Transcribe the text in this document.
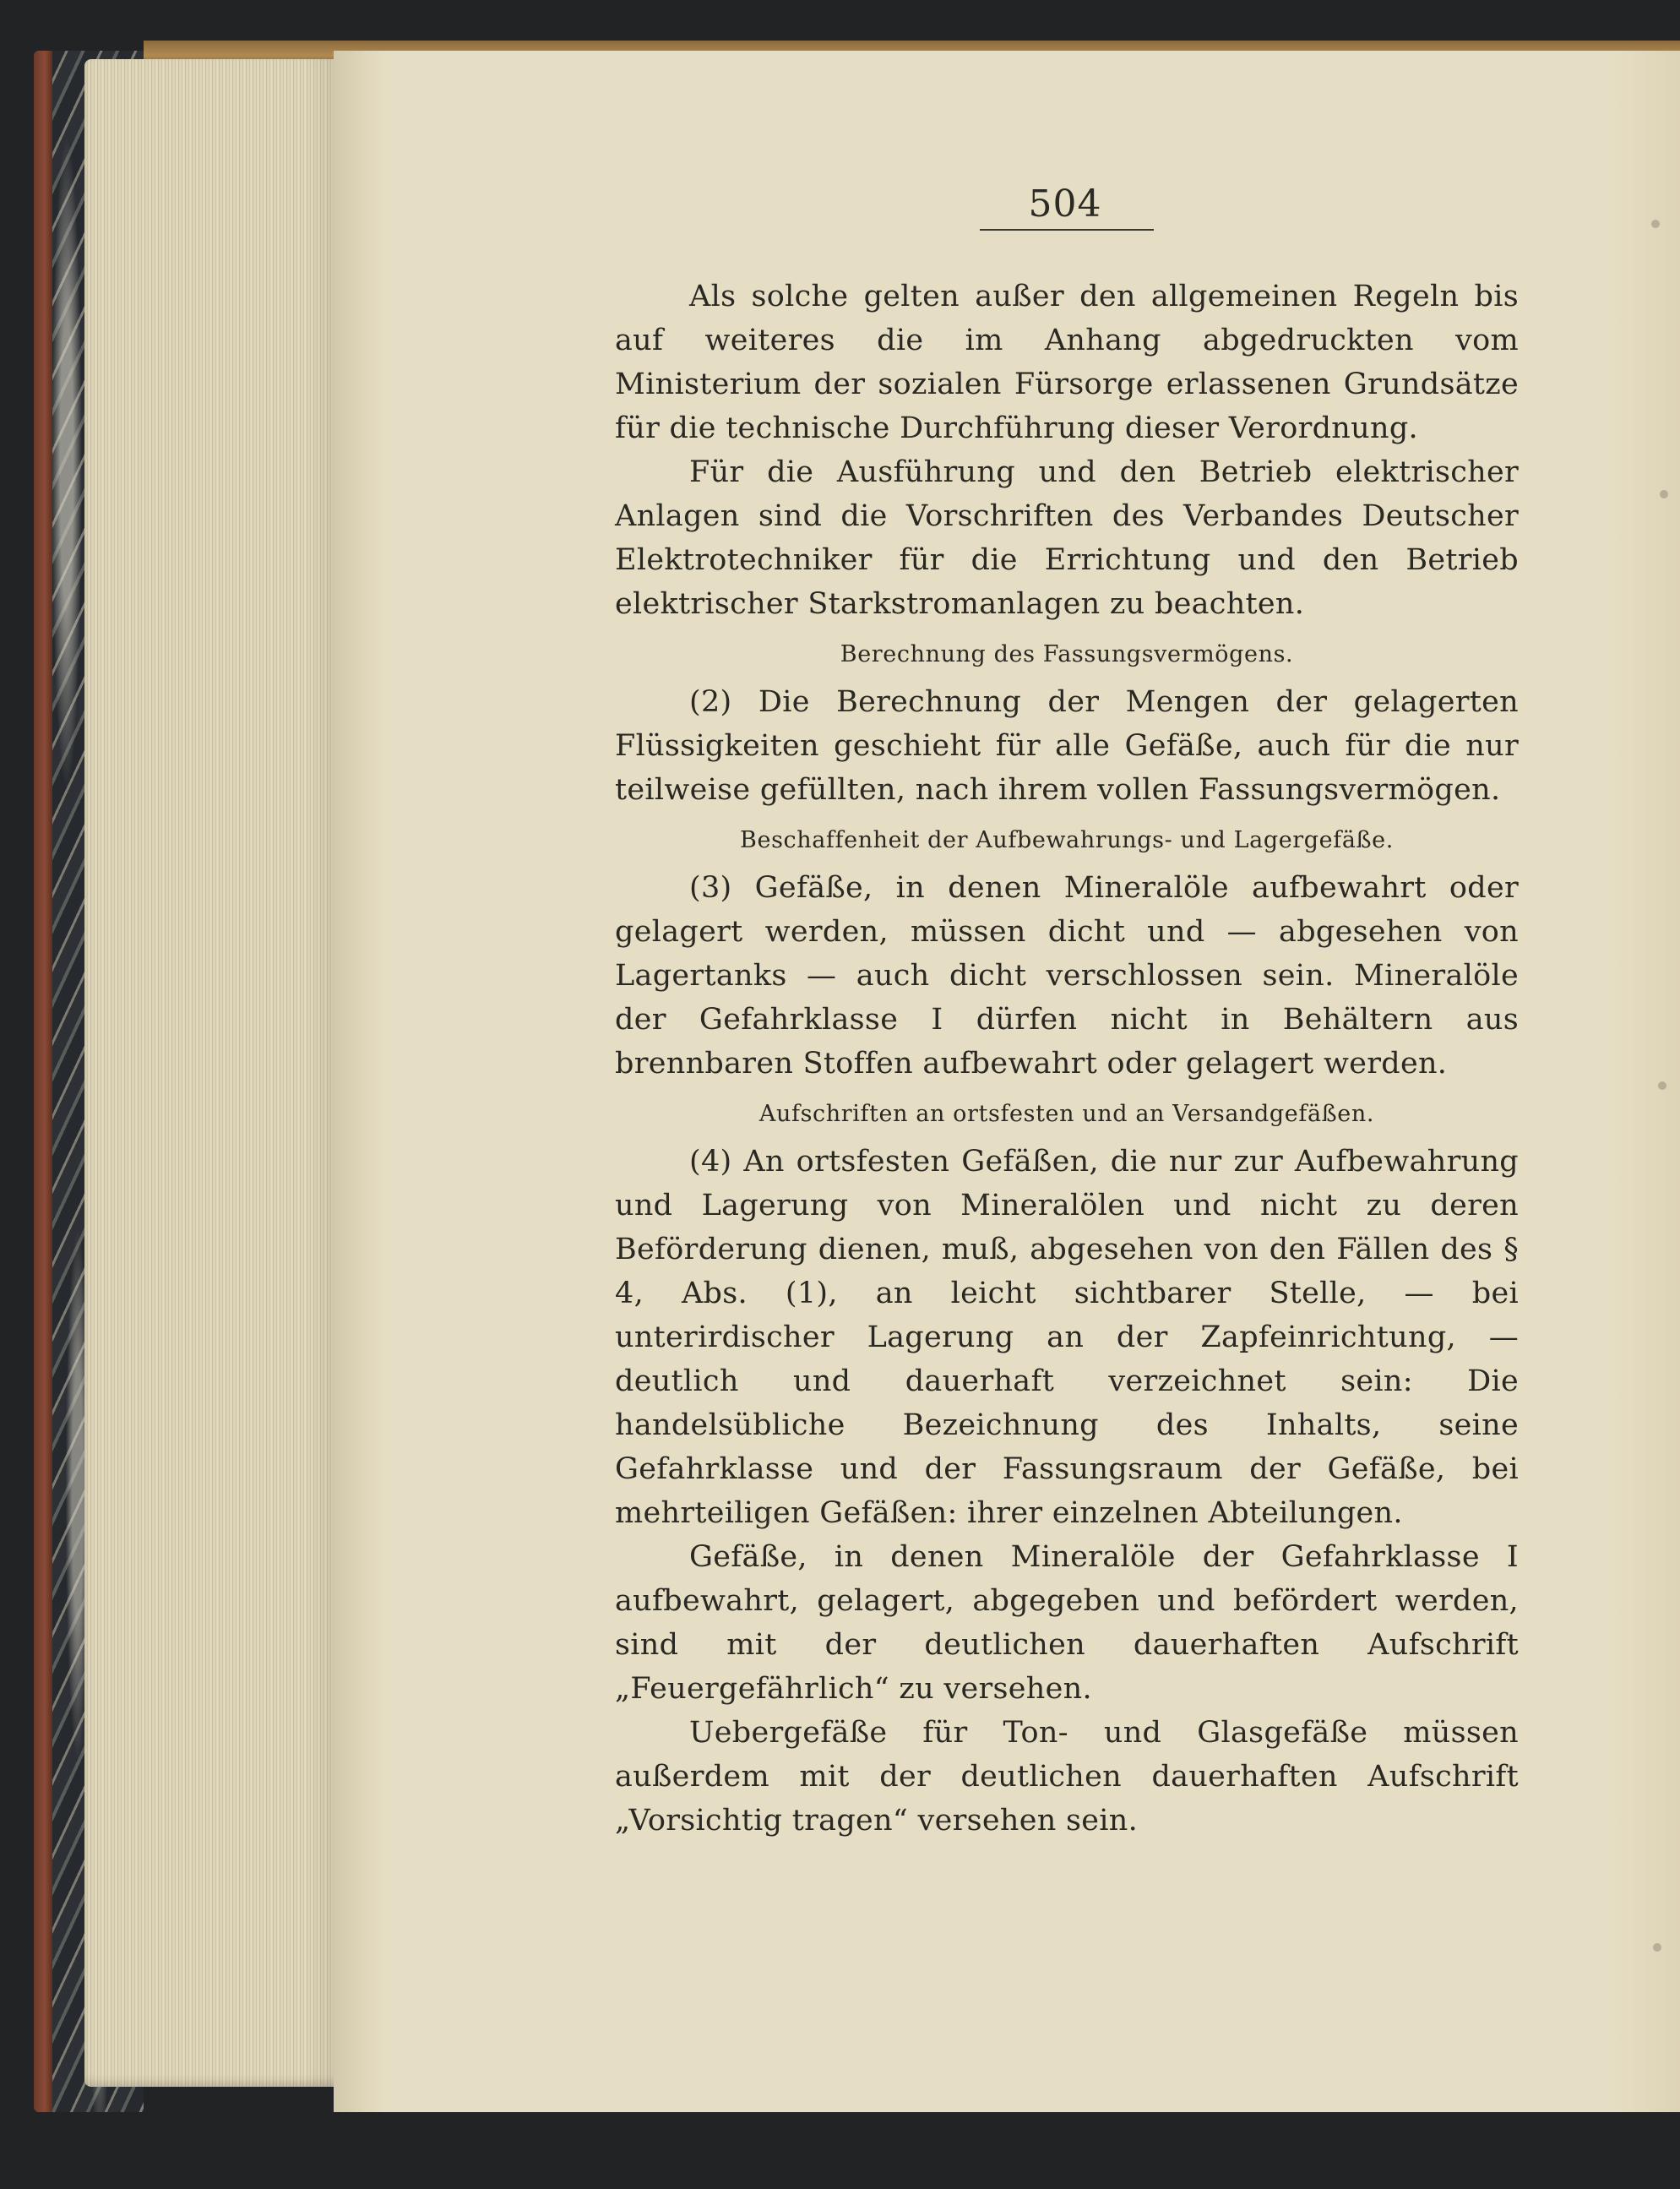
504

Als solche gelten außer den allgemeinen Regeln bis auf weiteres die im Anhang abgedruckten vom Ministerium der sozialen Fürsorge erlassenen Grundsätze für die technische Durchführung dieser Verordnung.

Für die Ausführung und den Betrieb elektrischer Anlagen sind die Vorschriften des Verbandes Deutscher Elektrotechniker für die Errichtung und den Betrieb elektrischer Starkstromanlagen zu beachten.

Berechnung des Fassungsvermögens.

(2) Die Berechnung der Mengen der gelagerten Flüssigkeiten geschieht für alle Gefäße, auch für die nur teilweise gefüllten, nach ihrem vollen Fassungsvermögen.

Beschaffenheit der Aufbewahrungs- und Lagergefäße.

(3) Gefäße, in denen Mineralöle aufbewahrt oder gelagert werden, müssen dicht und — abgesehen von Lagertanks — auch dicht verschlossen sein. Mineralöle der Gefahrklasse I dürfen nicht in Behältern aus brennbaren Stoffen aufbewahrt oder gelagert werden.

Aufschriften an ortsfesten und an Versandgefäßen.

(4) An ortsfesten Gefäßen, die nur zur Aufbewahrung und Lagerung von Mineralölen und nicht zu deren Beförderung dienen, muß, abgesehen von den Fällen des § 4, Abs. (1), an leicht sichtbarer Stelle, — bei unterirdischer Lagerung an der Zapfeinrichtung, — deutlich und dauerhaft verzeichnet sein: Die handelsübliche Bezeichnung des Inhalts, seine Gefahrklasse und der Fassungsraum der Gefäße, bei mehrteiligen Gefäßen: ihrer einzelnen Abteilungen.

Gefäße, in denen Mineralöle der Gefahrklasse I aufbewahrt, gelagert, abgegeben und befördert werden, sind mit der deutlichen dauerhaften Aufschrift „Feuergefährlich“ zu versehen.

Uebergefäße für Ton- und Glasgefäße müssen außerdem mit der deutlichen dauerhaften Aufschrift „Vorsichtig tragen“ versehen sein.
